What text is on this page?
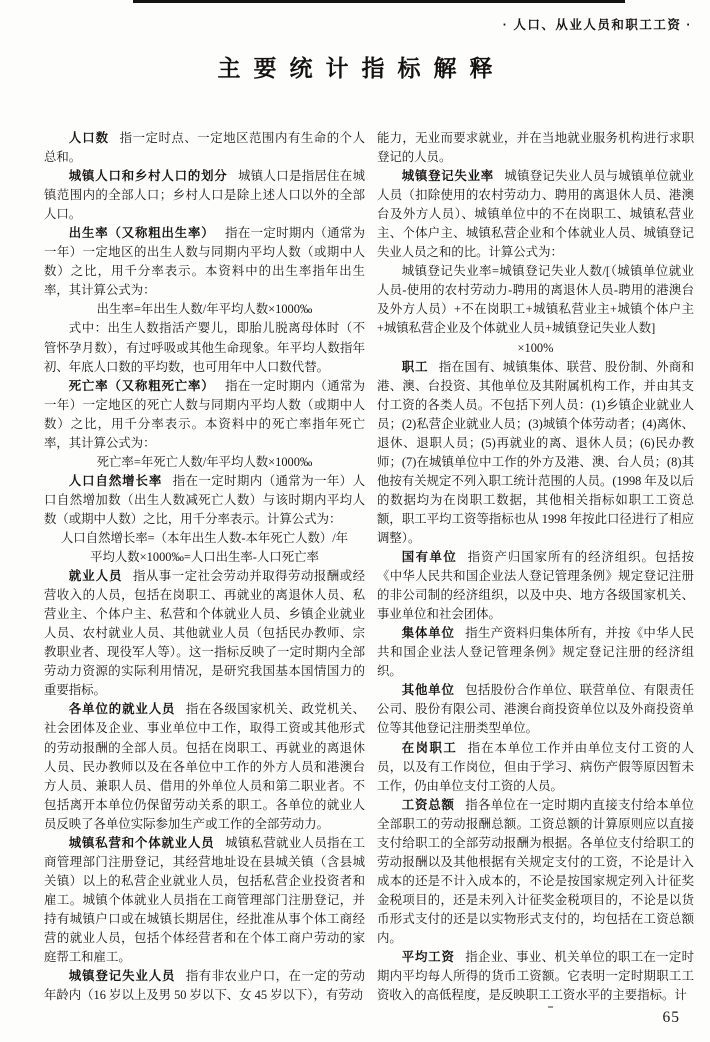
· 人口、从业人员和职工工资 ·
主要统计指标解释

人口数 指一定时点、一定地区范围内有生命的个人总和。

城镇人口和乡村人口的划分 城镇人口是指居住在城镇范围内的全部人口；乡村人口是除上述人口以外的全部人口。

出生率（又称粗出生率） 指在一定时期内（通常为一年）一定地区的出生人数与同期内平均人数（或期中人数）之比，用千分率表示。本资料中的出生率指年出生率，其计算公式为：

出生率=年出生人数/年平均人数×1000‰

式中：出生人数指活产婴儿，即胎儿脱离母体时（不管怀孕月数），有过呼吸或其他生命现象。年平均人数指年初、年底人口数的平均数，也可用年中人口数代替。

死亡率（又称粗死亡率） 指在一定时期内（通常为一年）一定地区的死亡人数与同期内平均人数（或期中人数）之比，用千分率表示。本资料中的死亡率指年死亡率，其计算公式为：

死亡率=年死亡人数/年平均人数×1000‰

人口自然增长率 指在一定时期内（通常为一年）人口自然增加数（出生人数减死亡人数）与该时期内平均人数（或期中人数）之比，用千分率表示。计算公式为：

人口自然增长率=（本年出生人数-本年死亡人数）/年

平均人数×1000‰=人口出生率-人口死亡率

就业人员 指从事一定社会劳动并取得劳动报酬或经营收入的人员，包括在岗职工、再就业的离退休人员、私营业主、个体户主、私营和个体就业人员、乡镇企业就业人员、农村就业人员、其他就业人员（包括民办教师、宗教职业者、现役军人等）。这一指标反映了一定时期内全部劳动力资源的实际利用情况，是研究我国基本国情国力的重要指标。

各单位的就业人员 指在各级国家机关、政党机关、社会团体及企业、事业单位中工作，取得工资或其他形式的劳动报酬的全部人员。包括在岗职工、再就业的离退休人员、民办教师以及在各单位中工作的外方人员和港澳台方人员、兼职人员、借用的外单位人员和第二职业者。不包括离开本单位仍保留劳动关系的职工。各单位的就业人员反映了各单位实际参加生产或工作的全部劳动力。

城镇私营和个体就业人员 城镇私营就业人员指在工商管理部门注册登记，其经营地址设在县城关镇（含县城关镇）以上的私营企业就业人员，包括私营企业投资者和雇工。城镇个体就业人员指在工商管理部门注册登记，并持有城镇户口或在城镇长期居住，经批准从事个体工商经营的就业人员，包括个体经营者和在个体工商户劳动的家庭帮工和雇工。

城镇登记失业人员 指有非农业户口，在一定的劳动年龄内（16 岁以上及男 50 岁以下、女 45 岁以下），有劳动

能力，无业而要求就业，并在当地就业服务机构进行求职登记的人员。

城镇登记失业率 城镇登记失业人员与城镇单位就业人员（扣除使用的农村劳动力、聘用的离退休人员、港澳台及外方人员）、城镇单位中的不在岗职工、城镇私营业主、个体户主、城镇私营企业和个体就业人员、城镇登记失业人员之和的比。计算公式为：

城镇登记失业率=城镇登记失业人数/[（城镇单位就业人员-使用的农村劳动力-聘用的离退休人员-聘用的港澳台及外方人员）+不在岗职工+城镇私营业主+城镇个体户主+城镇私营企业及个体就业人员+城镇登记失业人数]

×100%

职工 指在国有、城镇集体、联营、股份制、外商和港、澳、台投资、其他单位及其附属机构工作，并由其支付工资的各类人员。不包括下列人员：(1)乡镇企业就业人员；(2)私营企业就业人员；(3)城镇个体劳动者；(4)离休、退休、退职人员；(5)再就业的离、退休人员；(6)民办教师；(7)在城镇单位中工作的外方及港、澳、台人员；(8)其他按有关规定不列入职工统计范围的人员。(1998 年及以后的数据均为在岗职工数据，其他相关指标如职工工资总额，职工平均工资等指标也从 1998 年按此口径进行了相应调整）。

国有单位 指资产归国家所有的经济组织。包括按《中华人民共和国企业法人登记管理条例》规定登记注册的非公司制的经济组织，以及中央、地方各级国家机关、事业单位和社会团体。

集体单位 指生产资料归集体所有，并按《中华人民共和国企业法人登记管理条例》规定登记注册的经济组织。

其他单位 包括股份合作单位、联营单位、有限责任公司、股份有限公司、港澳台商投资单位以及外商投资单位等其他登记注册类型单位。

在岗职工 指在本单位工作并由单位支付工资的人员，以及有工作岗位，但由于学习、病伤产假等原因暂未工作，仍由单位支付工资的人员。

工资总额 指各单位在一定时期内直接支付给本单位全部职工的劳动报酬总额。工资总额的计算原则应以直接支付给职工的全部劳动报酬为根据。各单位支付给职工的劳动报酬以及其他根据有关规定支付的工资，不论是计入成本的还是不计入成本的，不论是按国家规定列入计征奖金税项目的，还是未列入计征奖金税项目的，不论是以货币形式支付的还是以实物形式支付的，均包括在工资总额内。

平均工资 指企业、事业、机关单位的职工在一定时期内平均每人所得的货币工资额。它表明一定时期职工工资收入的高低程度，是反映职工工资水平的主要指标。计

65
